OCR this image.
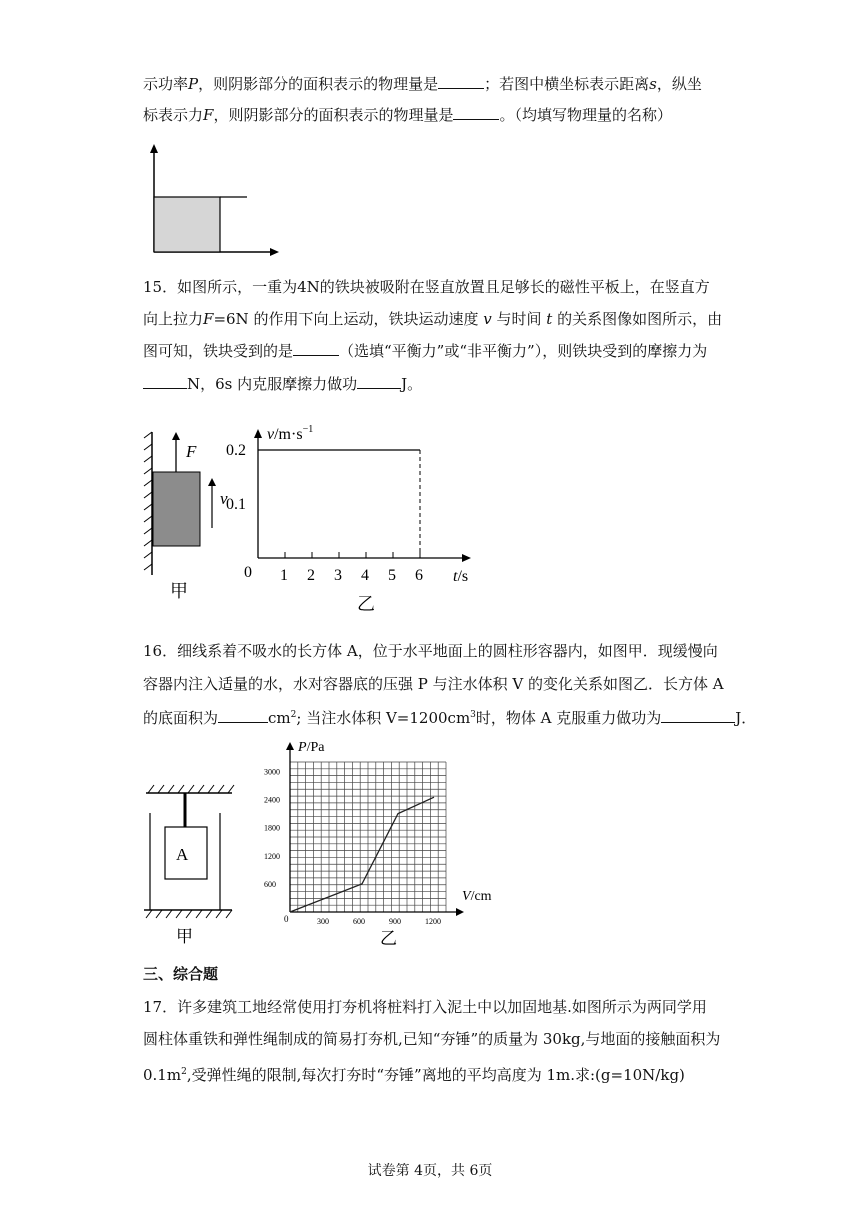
示功率P，则阴影部分的面积表示的物理量是	；若图中横坐标表示距离s，纵坐
标表示力F，则阴影部分的面积表示的物理量是	。（均填写物理量的名称）
15．如图所示，一重为4N的铁块被吸附在竖直放置且足够长的磁性平板上，在竖直方
向上拉力F=6N 的作用下向上运动，铁块运动速度 v 与时间 t 的关系图像如图所示，由
图可知，铁块受到的是	（选填“平衡力”或“非平衡力”），则铁块受到的摩擦力为
N，6s 内克服摩擦力做功	J。
F
v
甲
$v/m\cdot s^{-1}$
1 2 3 4 5 6
0.1
0.2
0	t/s
乙
16．细线系着不吸水的长方体 A，位于水平地面上的圆柱形容器内，如图甲．现缓慢向
容器内注入适量的水，水对容器底的压强 P 与注水体积 V 的变化关系如图乙．长方体 A
的底面积为	$cm^2$; 当注水体积 $V=1200cm^3$时，物体 A 克服重力做功为	J．
A
甲
P/Pa
V/cm
0	300	600	900	1200
600
1200
1800
2400
3000
乙
三、综合题
17．许多建筑工地经常使用打夯机将桩料打入泥土中以加固地基.如图所示为两同学用
圆柱体重铁和弹性绳制成的简易打夯机,已知“夯锤”的质量为 30kg,与地面的接触面积为
$0.1m^2$,受弹性绳的限制,每次打夯时“夯锤”离地的平均高度为 1m.求:(g=10N/kg)
试卷第 4页，共 6页
